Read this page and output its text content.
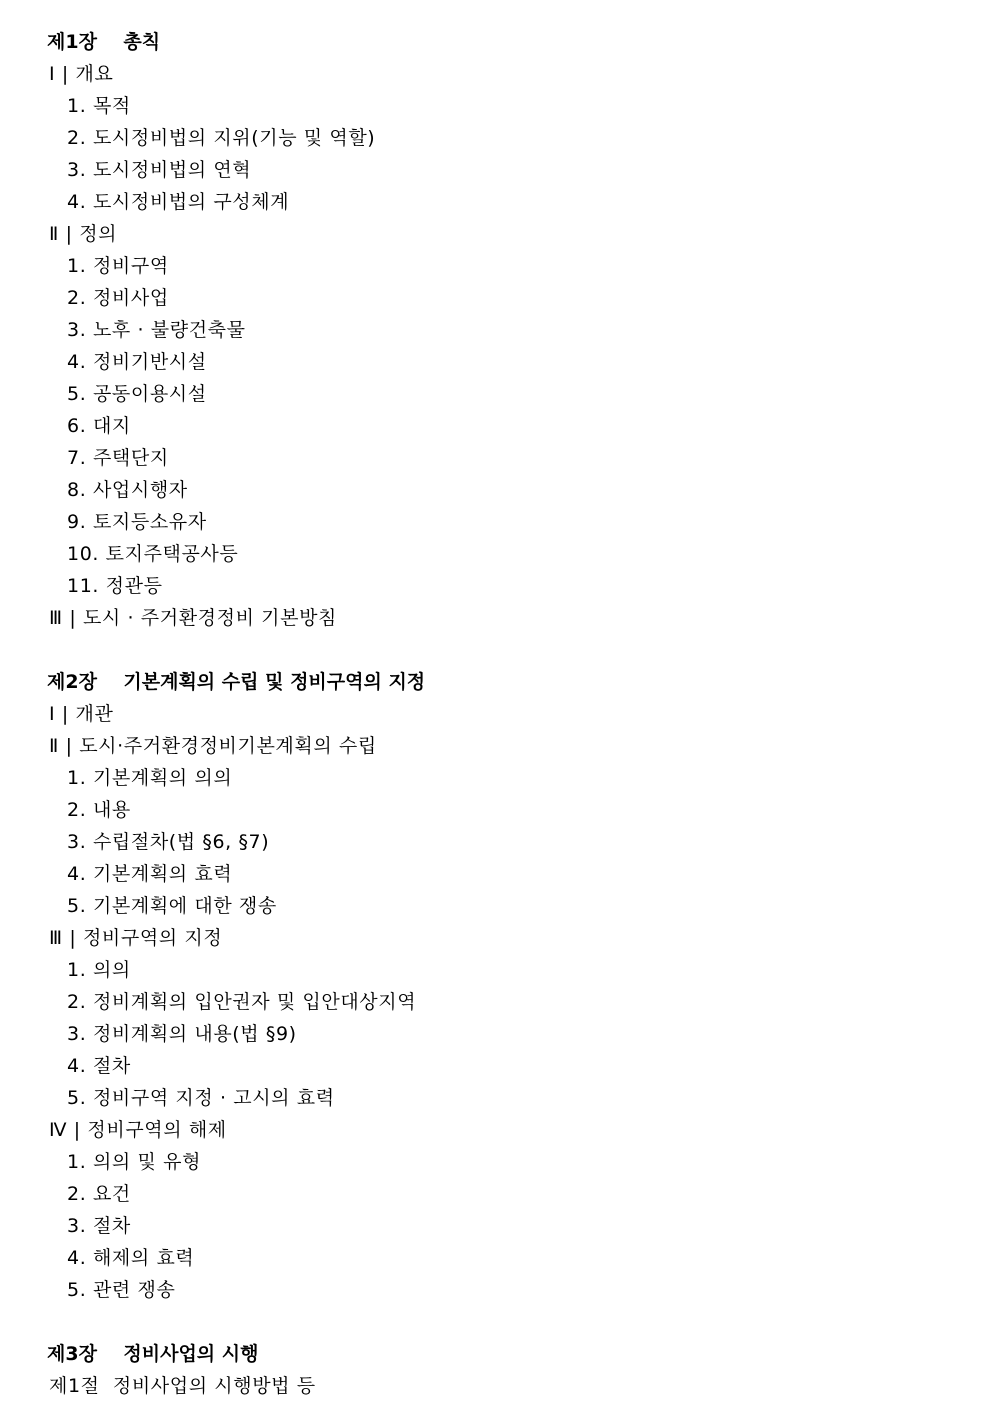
제1장    총칙
Ⅰ | 개요
1. 목적
2. 도시정비법의 지위(기능 및 역할)
3. 도시정비법의 연혁
4. 도시정비법의 구성체계
Ⅱ | 정의
1. 정비구역
2. 정비사업
3. 노후 · 불량건축물
4. 정비기반시설
5. 공동이용시설
6. 대지
7. 주택단지
8. 사업시행자
9. 토지등소유자
10. 토지주택공사등
11. 정관등
Ⅲ | 도시 · 주거환경정비 기본방침
제2장    기본계획의 수립 및 정비구역의 지정
Ⅰ | 개관
Ⅱ | 도시·주거환경정비기본계획의 수립
1. 기본계획의 의의
2. 내용
3. 수립절차(법 §6, §7)
4. 기본계획의 효력
5. 기본계획에 대한 쟁송
Ⅲ | 정비구역의 지정
1. 의의
2. 정비계획의 입안권자 및 입안대상지역
3. 정비계획의 내용(법 §9)
4. 절차
5. 정비구역 지정 · 고시의 효력
Ⅳ | 정비구역의 해제
1. 의의 및 유형
2. 요건
3. 절차
4. 해제의 효력
5. 관련 쟁송
제3장    정비사업의 시행
제1절  정비사업의 시행방법 등
